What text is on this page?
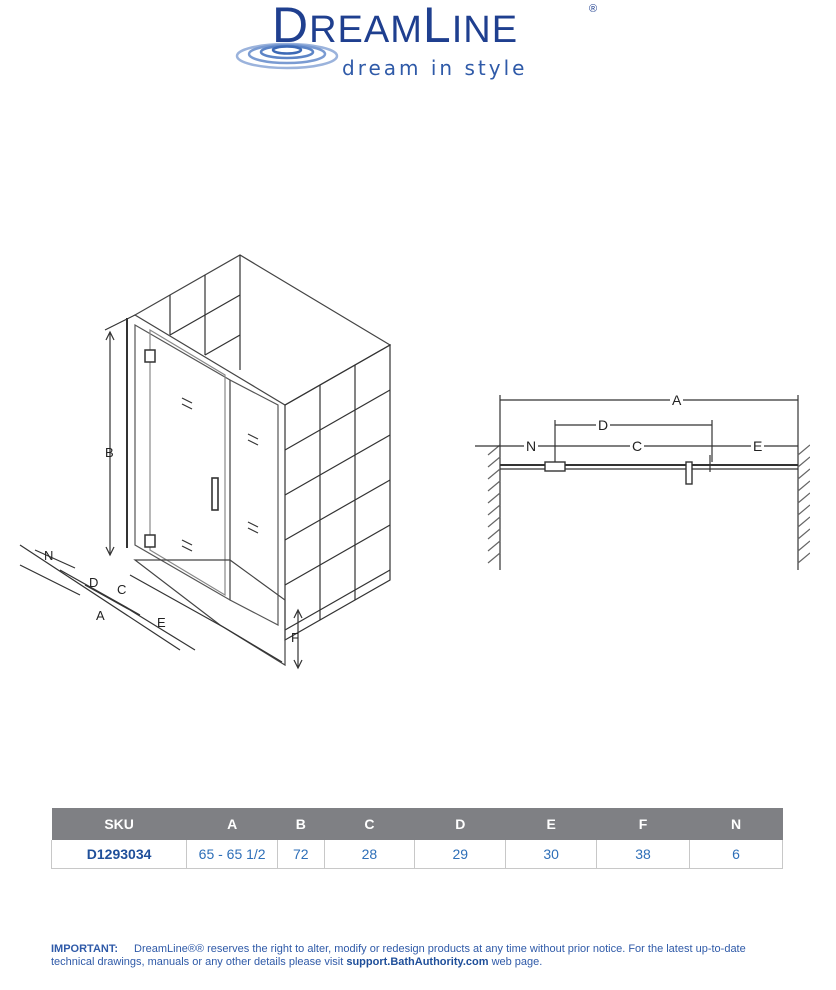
DREAMLINE	®
dream in style
B
F
N
D C
A	E
A
D
N	C	E
SKU	A	B	C	D	E	F	N
D1293034	65 - 65 1/2	72	28	29	30	38	6
IMPORTANT: DreamLine®® reserves the right to alter, modify or redesign products at any time without prior notice. For the latest up-to-date technical drawings, manuals or any other details please visit support.BathAuthority.com web page.
